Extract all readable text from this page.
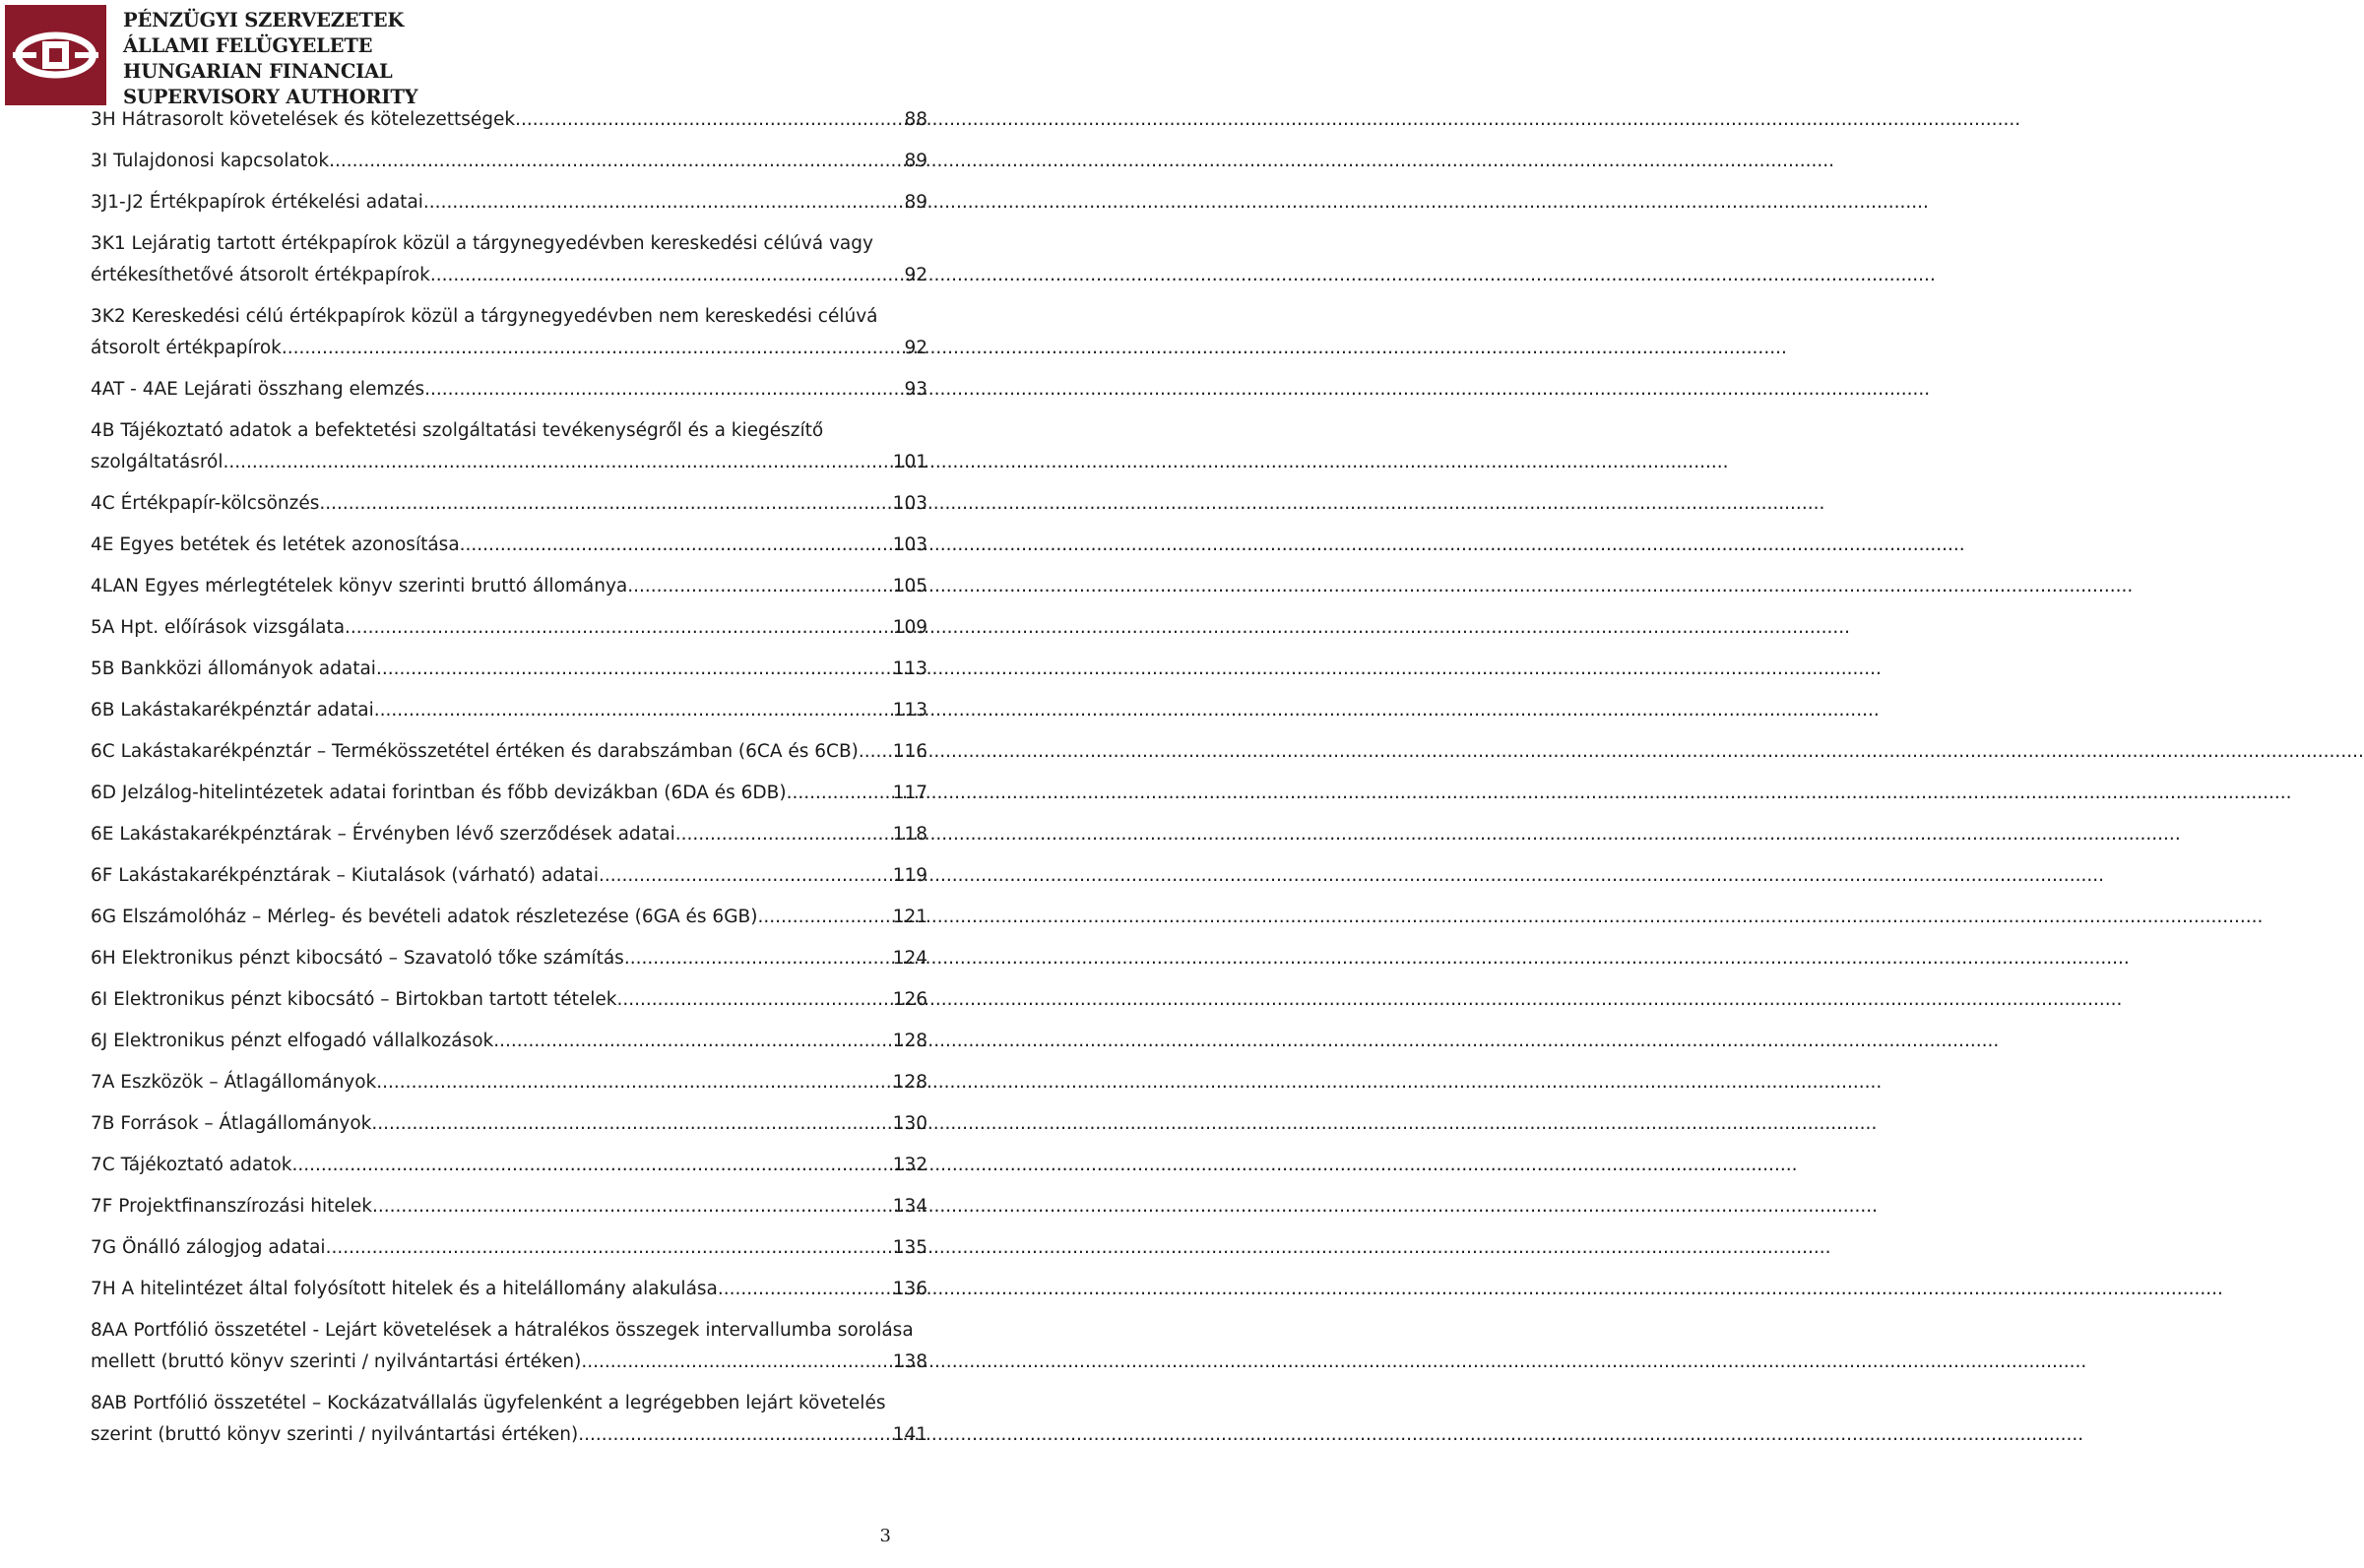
PÉNZÜGYI SZERVEZETEK
ÁLLAMI FELÜGYELETE
HUNGARIAN FINANCIAL
SUPERVISORY AUTHORITY
3H Hátrasorolt követelések és kötelezettségek .....	88
3I Tulajdonosi kapcsolatok .....	89
3J1-J2 Értékpapírok értékelési adatai .....	89
3K1 Lejáratig tartott értékpapírok közül a tárgynegyedévben kereskedési célúvá vagy
értékesíthetővé átsorolt értékpapírok .....	92
3K2 Kereskedési célú értékpapírok közül a tárgynegyedévben nem kereskedési célúvá
átsorolt értékpapírok .....	92
4AT - 4AE Lejárati összhang elemzés .....	93
4B Tájékoztató adatok a befektetési szolgáltatási tevékenységről és a kiegészítő
szolgáltatásról .....	101
4C Értékpapír-kölcsönzés .....	103
4E Egyes betétek és letétek azonosítása .....	103
4LAN Egyes mérlegtételek könyv szerinti bruttó állománya .....	105
5A Hpt. előírások vizsgálata .....	109
5B Bankközi állományok adatai .....	113
6B Lakástakarékpénztár adatai .....	113
6C Lakástakarékpénztár – Termékösszetétel értéken és darabszámban (6CA és 6CB) ..... 116
6D Jelzálog-hitelintézetek adatai forintban és főbb devizákban (6DA és 6DB) .....	117
6E Lakástakarékpénztárak – Érvényben lévő szerződések adatai .....	118
6F Lakástakarékpénztárak – Kiutalások (várható) adatai .....	119
6G Elszámolóház – Mérleg- és bevételi adatok részletezése (6GA és 6GB) .....	121
6H Elektronikus pénzt kibocsátó – Szavatoló tőke számítás .....	124
6I Elektronikus pénzt kibocsátó – Birtokban tartott tételek .....	126
6J Elektronikus pénzt elfogadó vállalkozások .....	128
7A Eszközök – Átlagállományok .....	128
7B Források – Átlagállományok .....	130
7C Tájékoztató adatok .....	132
7F Projektfinanszírozási hitelek .....	134
7G Önálló zálogjog adatai .....	135
7H A hitelintézet által folyósított hitelek és a hitelállomány alakulása .....	136
8AA Portfólió összetétel - Lejárt követelések a hátralékos összegek intervallumba sorolása
mellett (bruttó könyv szerinti / nyilvántartási értéken) .....	138
8AB Portfólió összetétel – Kockázatvállalás ügyfelenként a legrégebben lejárt követelés
szerint (bruttó könyv szerinti / nyilvántartási értéken) .....	141
3
